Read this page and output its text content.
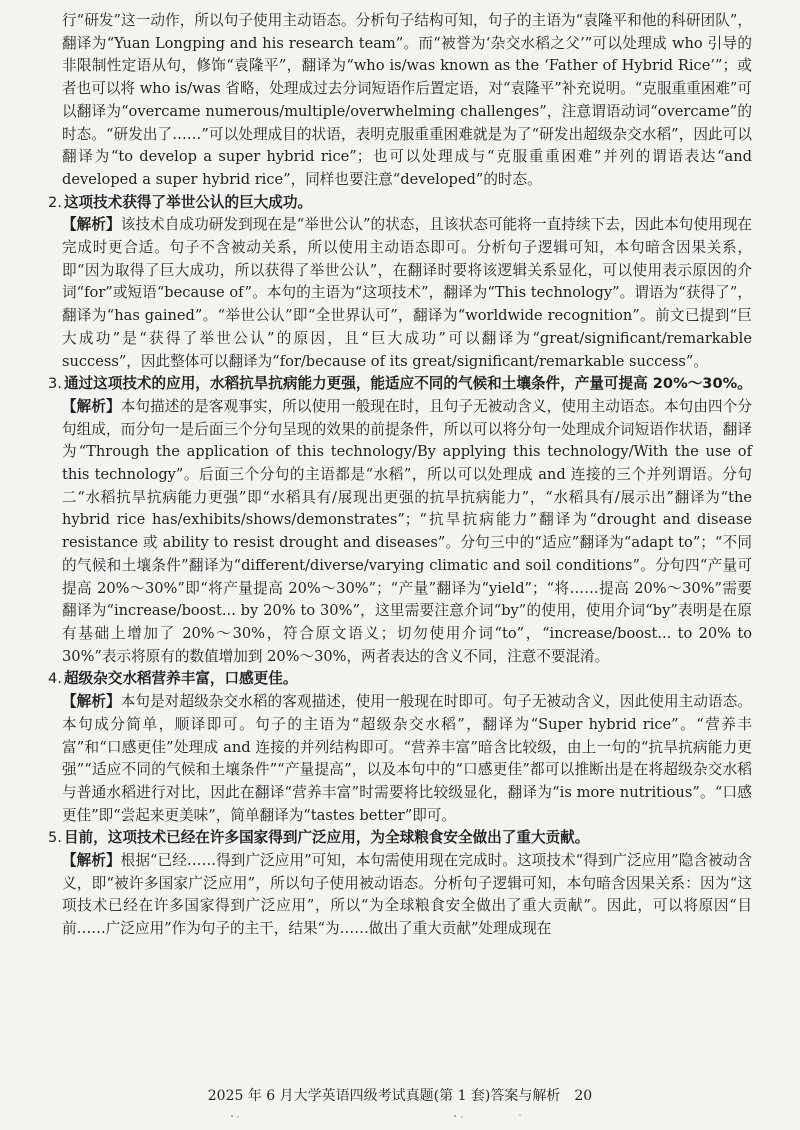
行“研发”这一动作，所以句子使用主动语态。分析句子结构可知，句子的主语为“袁隆平和他的科研团队”，翻译为“Yuan Longping and his research team”。而“被誉为‘杂交水稻之父’”可以处理成 who 引导的非限制性定语从句，修饰“袁隆平”，翻译为“who is/was known as the ‘Father of Hybrid Rice’”；或者也可以将 who is/was 省略，处理成过去分词短语作后置定语，对“袁隆平”补充说明。“克服重重困难”可以翻译为“overcame numerous/multiple/overwhelming challenges”，注意谓语动词“overcame”的时态。“研发出了……”可以处理成目的状语，表明克服重重困难就是为了“研发出超级杂交水稻”，因此可以翻译为“to develop a super hybrid rice”；也可以处理成与“克服重重困难”并列的谓语表达“and developed a super hybrid rice”，同样也要注意“developed”的时态。

2. 这项技术获得了举世公认的巨大成功。

【解析】该技术自成功研发到现在是“举世公认”的状态，且该状态可能将一直持续下去，因此本句使用现在完成时更合适。句子不含被动关系，所以使用主动语态即可。分析句子逻辑可知，本句暗含因果关系，即“因为取得了巨大成功，所以获得了举世公认”，在翻译时要将该逻辑关系显化，可以使用表示原因的介词“for”或短语“because of”。本句的主语为“这项技术”，翻译为“This technology”。谓语为“获得了”，翻译为“has gained”。“举世公认”即“全世界认可”，翻译为“worldwide recognition”。前文已提到“巨大成功”是“获得了举世公认”的原因，且“巨大成功”可以翻译为“great/significant/remarkable success”，因此整体可以翻译为“for/because of its great/significant/remarkable success”。

3. 通过这项技术的应用，水稻抗旱抗病能力更强，能适应不同的气候和土壤条件，产量可提高 20%～30%。

【解析】本句描述的是客观事实，所以使用一般现在时，且句子无被动含义，使用主动语态。本句由四个分句组成，而分句一是后面三个分句呈现的效果的前提条件，所以可以将分句一处理成介词短语作状语，翻译为“Through the application of this technology/By applying this technology/With the use of this technology”。后面三个分句的主语都是“水稻”，所以可以处理成 and 连接的三个并列谓语。分句二“水稻抗旱抗病能力更强”即“水稻具有/展现出更强的抗旱抗病能力”，“水稻具有/展示出”翻译为“the hybrid rice has/exhibits/shows/demonstrates”；“抗旱抗病能力”翻译为“drought and disease resistance 或 ability to resist drought and diseases”。分句三中的“适应”翻译为“adapt to”；“不同的气候和土壤条件”翻译为“different/diverse/varying climatic and soil conditions”。分句四“产量可提高 20%～30%”即“将产量提高 20%～30%”；“产量”翻译为“yield”；“将……提高 20%～30%”需要翻译为“increase/boost... by 20% to 30%”，这里需要注意介词“by”的使用，使用介词“by”表明是在原有基础上增加了 20%～30%，符合原文语义；切勿使用介词“to”，“increase/boost... to 20% to 30%”表示将原有的数值增加到 20%～30%，两者表达的含义不同，注意不要混淆。

4. 超级杂交水稻营养丰富，口感更佳。

【解析】本句是对超级杂交水稻的客观描述，使用一般现在时即可。句子无被动含义，因此使用主动语态。本句成分简单，顺译即可。句子的主语为“超级杂交水稻”，翻译为“Super hybrid rice”。“营养丰富”和“口感更佳”处理成 and 连接的并列结构即可。“营养丰富”暗含比较级，由上一句的“抗旱抗病能力更强”“适应不同的气候和土壤条件”“产量提高”，以及本句中的“口感更佳”都可以推断出是在将超级杂交水稻与普通水稻进行对比，因此在翻译“营养丰富”时需要将比较级显化，翻译为“is more nutritious”。“口感更佳”即“尝起来更美味”，简单翻译为“tastes better”即可。

5. 目前，这项技术已经在许多国家得到广泛应用，为全球粮食安全做出了重大贡献。

【解析】根据“已经……得到广泛应用”可知，本句需使用现在完成时。这项技术“得到广泛应用”隐含被动含义，即“被许多国家广泛应用”，所以句子使用被动语态。分析句子逻辑可知，本句暗含因果关系：因为“这项技术已经在许多国家得到广泛应用”，所以“为全球粮食安全做出了重大贡献”。因此，可以将原因“目前……广泛应用”作为句子的主干，结果“为……做出了重大贡献”处理成现在

2025 年 6 月大学英语四级考试真题(第 1 套)答案与解析 20
